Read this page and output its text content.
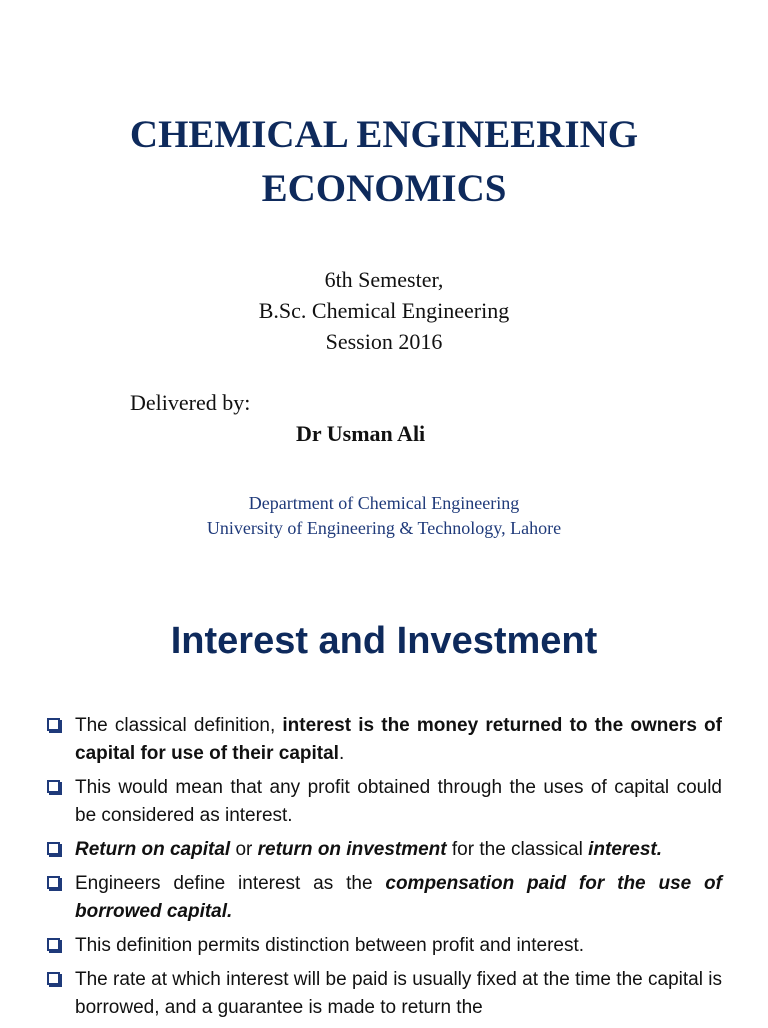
CHEMICAL ENGINEERING
ECONOMICS
6th Semester,
B.Sc. Chemical Engineering
Session 2016
Delivered by:
Dr Usman Ali
Department of Chemical Engineering
University of Engineering & Technology, Lahore
Interest and Investment
The classical definition, interest is the money returned to the owners of capital for use of their capital.
This would mean that any profit obtained through the uses of capital could be considered as interest.
Return on capital or return on investment for the classical interest.
Engineers define interest as the compensation paid for the use of borrowed capital.
This definition permits distinction between profit and interest.
The rate at which interest will be paid is usually fixed at the time the capital is borrowed, and a guarantee is made to return the
